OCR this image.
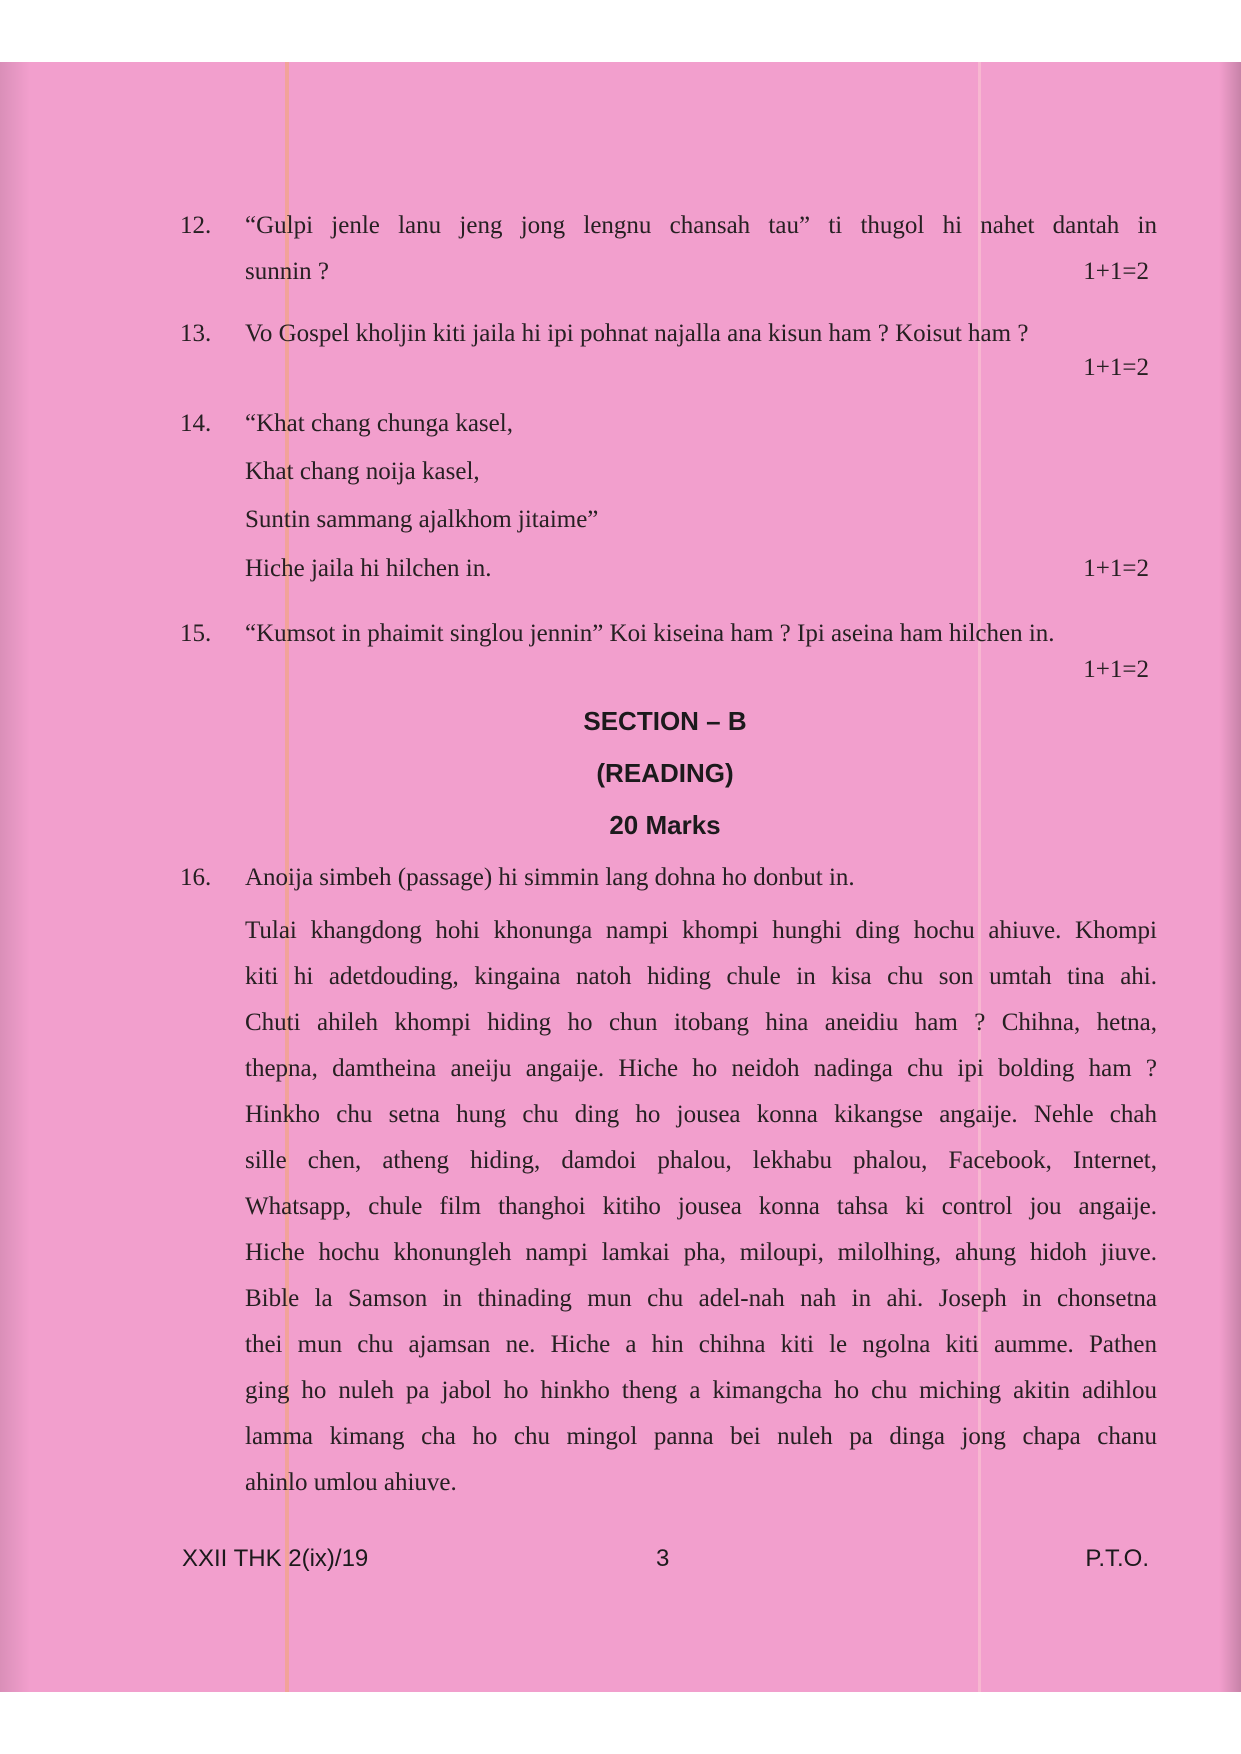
12. “Gulpi jenle lanu jeng jong lengnu chansah tau” ti thugol hi nahet dantah in
sunnin ?	1+1=2
13. Vo Gospel kholjin kiti jaila hi ipi pohnat najalla ana kisun ham ? Koisut ham ?
1+1=2
14. “Khat chang chunga kasel,
Khat chang noija kasel,
Suntin sammang ajalkhom jitaime”
Hiche jaila hi hilchen in.	1+1=2
15. “Kumsot in phaimit singlou jennin” Koi kiseina ham ? Ipi aseina ham hilchen in.
1+1=2
SECTION – B
(READING)
20 Marks
16. Anoija simbeh (passage) hi simmin lang dohna ho donbut in.
Tulai khangdong hohi khonunga nampi khompi hunghi ding hochu ahiuve. Khompi
kiti hi adetdouding, kingaina natoh hiding chule in kisa chu son umtah tina ahi.
Chuti ahileh khompi hiding ho chun itobang hina aneidiu ham ? Chihna, hetna,
thepna, damtheina aneiju angaije. Hiche ho neidoh nadinga chu ipi bolding ham ?
Hinkho chu setna hung chu ding ho jousea konna kikangse angaije. Nehle chah
sille chen, atheng hiding, damdoi phalou, lekhabu phalou, Facebook, Internet,
Whatsapp, chule film thanghoi kitiho jousea konna tahsa ki control jou angaije.
Hiche hochu khonungleh nampi lamkai pha, miloupi, milolhing, ahung hidoh jiuve.
Bible la Samson in thinading mun chu adel-nah nah in ahi. Joseph in chonsetna
thei mun chu ajamsan ne. Hiche a hin chihna kiti le ngolna kiti aumme. Pathen
ging ho nuleh pa jabol ho hinkho theng a kimangcha ho chu miching akitin adihlou
lamma kimang cha ho chu mingol panna bei nuleh pa dinga jong chapa chanu
ahinlo umlou ahiuve.
XXII THK 2(ix)/19	3	P.T.O.
